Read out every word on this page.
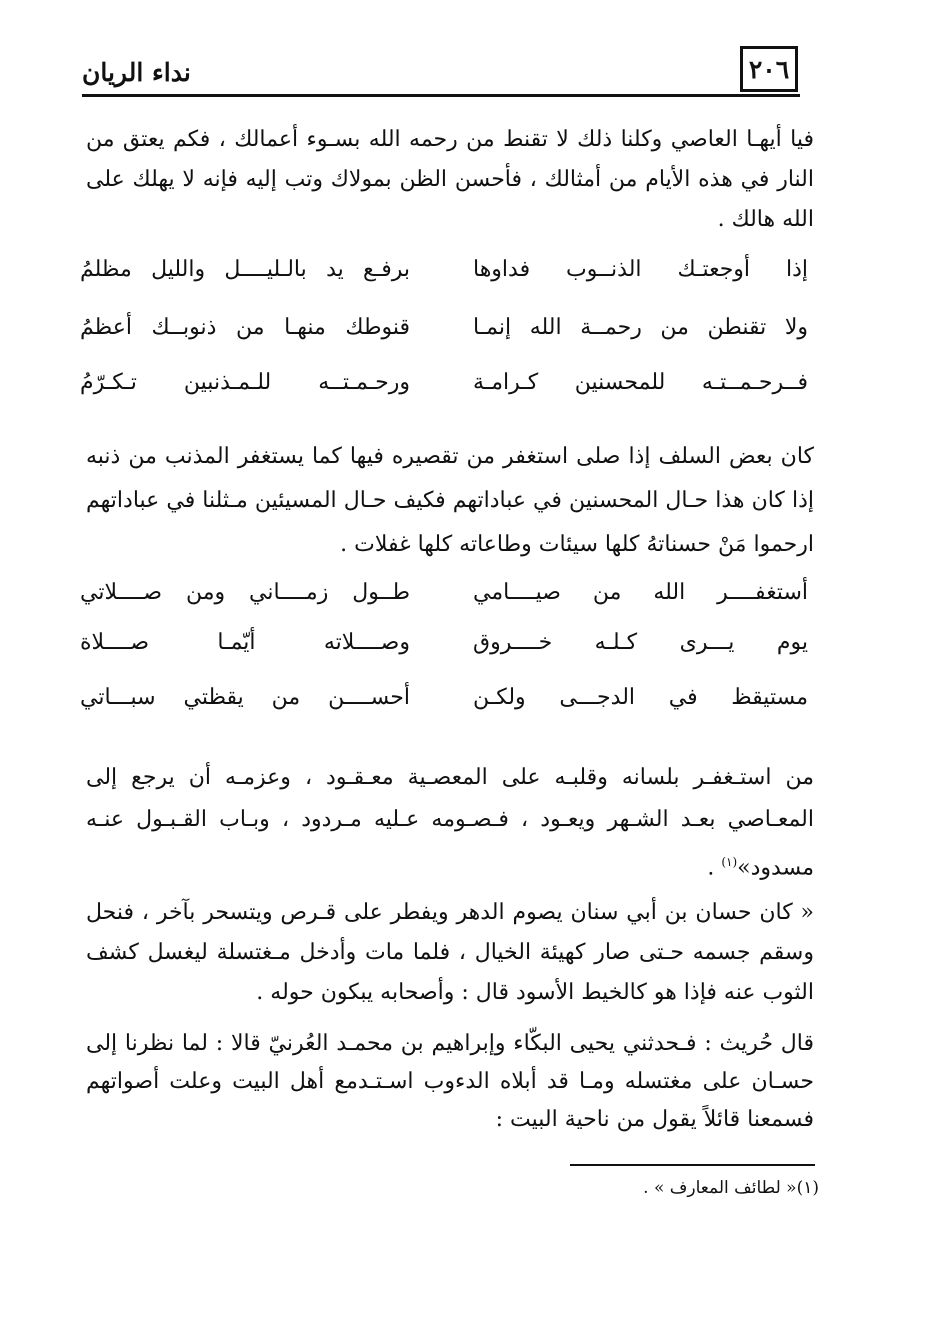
٢٠٦
نداء الريان
فيا أيهـا العاصي وكلنا ذلك لا تقنط من رحمه الله بسـوء أعمالك ، فكم يعتق من النار في هذه الأيام من أمثالك ، فأحسن الظن بمولاك وتب إليه فإنه لا يهلك على الله هالك .
إذا أوجعتـك الذنــوب فداوها
برفـع يد بالـليــــل والليل مظلمُ
ولا تقنطن من رحمــة الله إنمـا
قنوطك منهـا من ذنوبــك أعظمُ
فــرحـمــتـه للمحسنين كـرامـة
ورحـمـتــه للـمـذنبين تـكـرّمُ
كان بعض السلف إذا صلى استغفر من تقصيره فيها كما يستغفر المذنب من ذنبه إذا كان هذا حـال المحسنين في عباداتهم فكيف حـال المسيئين مـثلنا في عباداتهم ارحموا مَنْ حسناتهُ كلها سيئات وطاعاته كلها غفلات .
أستغفــــر الله من صيــــامي
طــول زمــــاني ومن صــــلاتي
يوم يـــرى كـلـه خــــروق
وصــــلاته أيّمـا صــــلاة
مستيقظ في الدجـــى ولكـن
أحســــن من يقظتي سبـــاتي
من استـغفـر بلسانه وقلبـه على المعصـية معـقـود ، وعزمـه أن يرجع إلى المعـاصي بعـد الشـهر ويعـود ، فـصـومه عـليه مـردود ، وبـاب القـبـول عنـه مسدود»$^{(١)}$ .
« كان حسان بن أبي سنان يصوم الدهر ويفطر على قـرص ويتسحر بآخر ، فنحل وسقم جسمه حـتى صار كهيئة الخيال ، فلما مات وأدخل مـغتسلة ليغسل كشف الثوب عنه فإذا هو كالخيط الأسود قال : وأصحابه يبكون حوله .
قال حُريث : فـحدثني يحيى البكّاء وإبراهيم بن محمـد العُرنيّ قالا : لما نظرنا إلى حسـان على مغتسله ومـا قد أبلاه الدءوب اسـتـدمع أهل البيت وعلت أصواتهم فسمعنا قائلاً يقول من ناحية البيت :
(١)« لطائف المعارف » .
